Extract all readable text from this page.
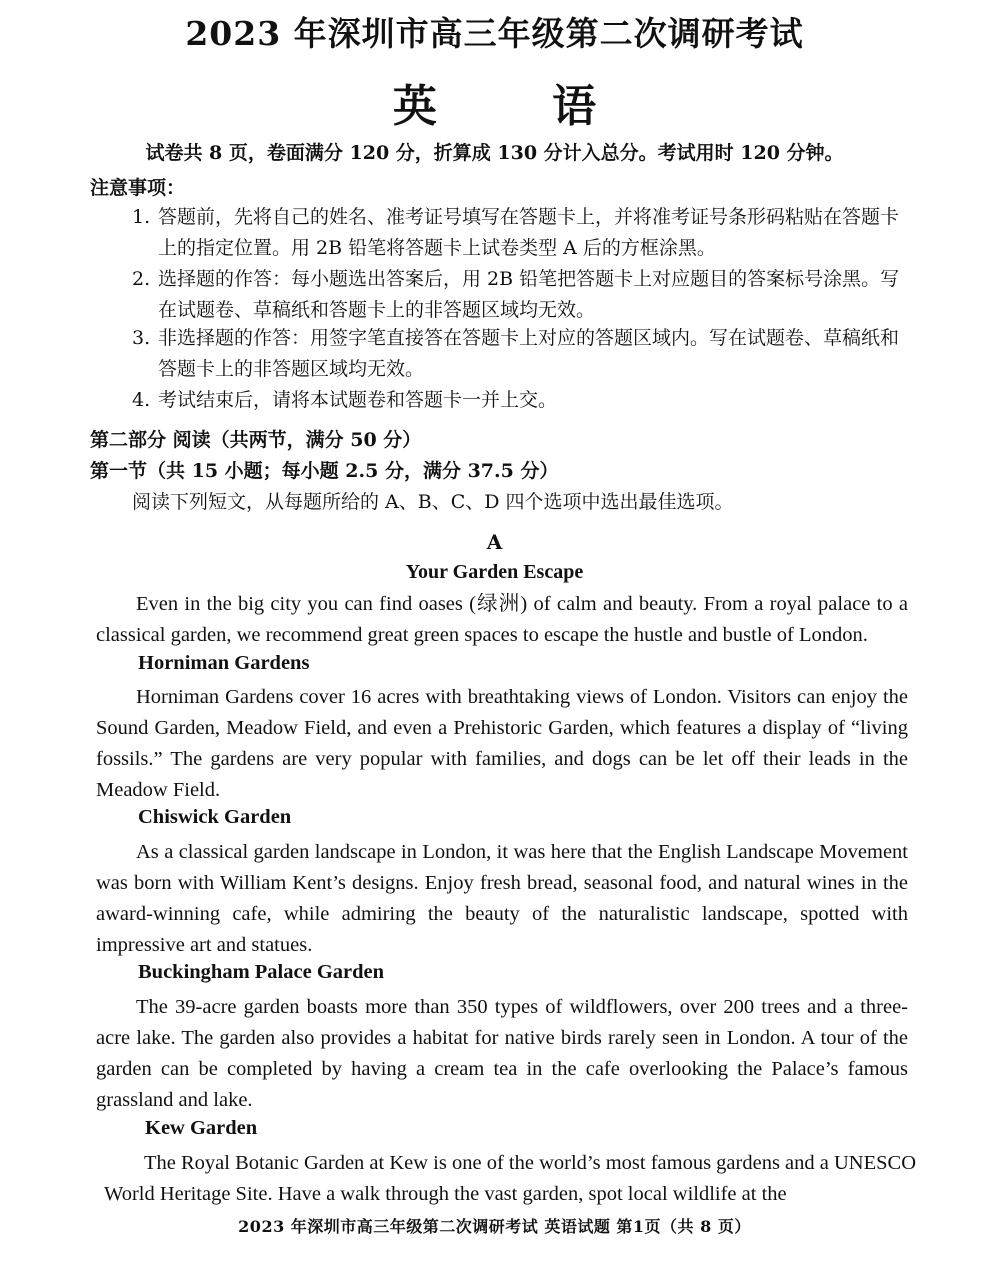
2023 年深圳市高三年级第二次调研考试
英 语
试卷共 8 页，卷面满分 120 分，折算成 130 分计入总分。考试用时 120 分钟。
注意事项：
1. 答题前，先将自己的姓名、准考证号填写在答题卡上，并将准考证号条形码粘贴在答题卡上的指定位置。用 2B 铅笔将答题卡上试卷类型 A 后的方框涂黑。
2. 选择题的作答：每小题选出答案后，用 2B 铅笔把答题卡上对应题目的答案标号涂黑。写在试题卷、草稿纸和答题卡上的非答题区域均无效。
3. 非选择题的作答：用签字笔直接答在答题卡上对应的答题区域内。写在试题卷、草稿纸和答题卡上的非答题区域均无效。
4. 考试结束后，请将本试题卷和答题卡一并上交。
第二部分 阅读（共两节，满分 50 分）
第一节（共 15 小题；每小题 2.5 分，满分 37.5 分）
阅读下列短文，从每题所给的 A、B、C、D 四个选项中选出最佳选项。
A
Your Garden Escape
Even in the big city you can find oases (绿洲) of calm and beauty. From a royal palace to a classical garden, we recommend great green spaces to escape the hustle and bustle of London.
Horniman Gardens
Horniman Gardens cover 16 acres with breathtaking views of London. Visitors can enjoy the Sound Garden, Meadow Field, and even a Prehistoric Garden, which features a display of “living fossils.” The gardens are very popular with families, and dogs can be let off their leads in the Meadow Field.
Chiswick Garden
As a classical garden landscape in London, it was here that the English Landscape Movement was born with William Kent’s designs. Enjoy fresh bread, seasonal food, and natural wines in the award-winning cafe, while admiring the beauty of the naturalistic landscape, spotted with impressive art and statues.
Buckingham Palace Garden
The 39-acre garden boasts more than 350 types of wildflowers, over 200 trees and a three-acre lake. The garden also provides a habitat for native birds rarely seen in London. A tour of the garden can be completed by having a cream tea in the cafe overlooking the Palace’s famous grassland and lake.
Kew Garden
The Royal Botanic Garden at Kew is one of the world’s most famous gardens and a UNESCO World Heritage Site. Have a walk through the vast garden, spot local wildlife at the
2023 年深圳市高三年级第二次调研考试 英语试题 第1页（共 8 页）
